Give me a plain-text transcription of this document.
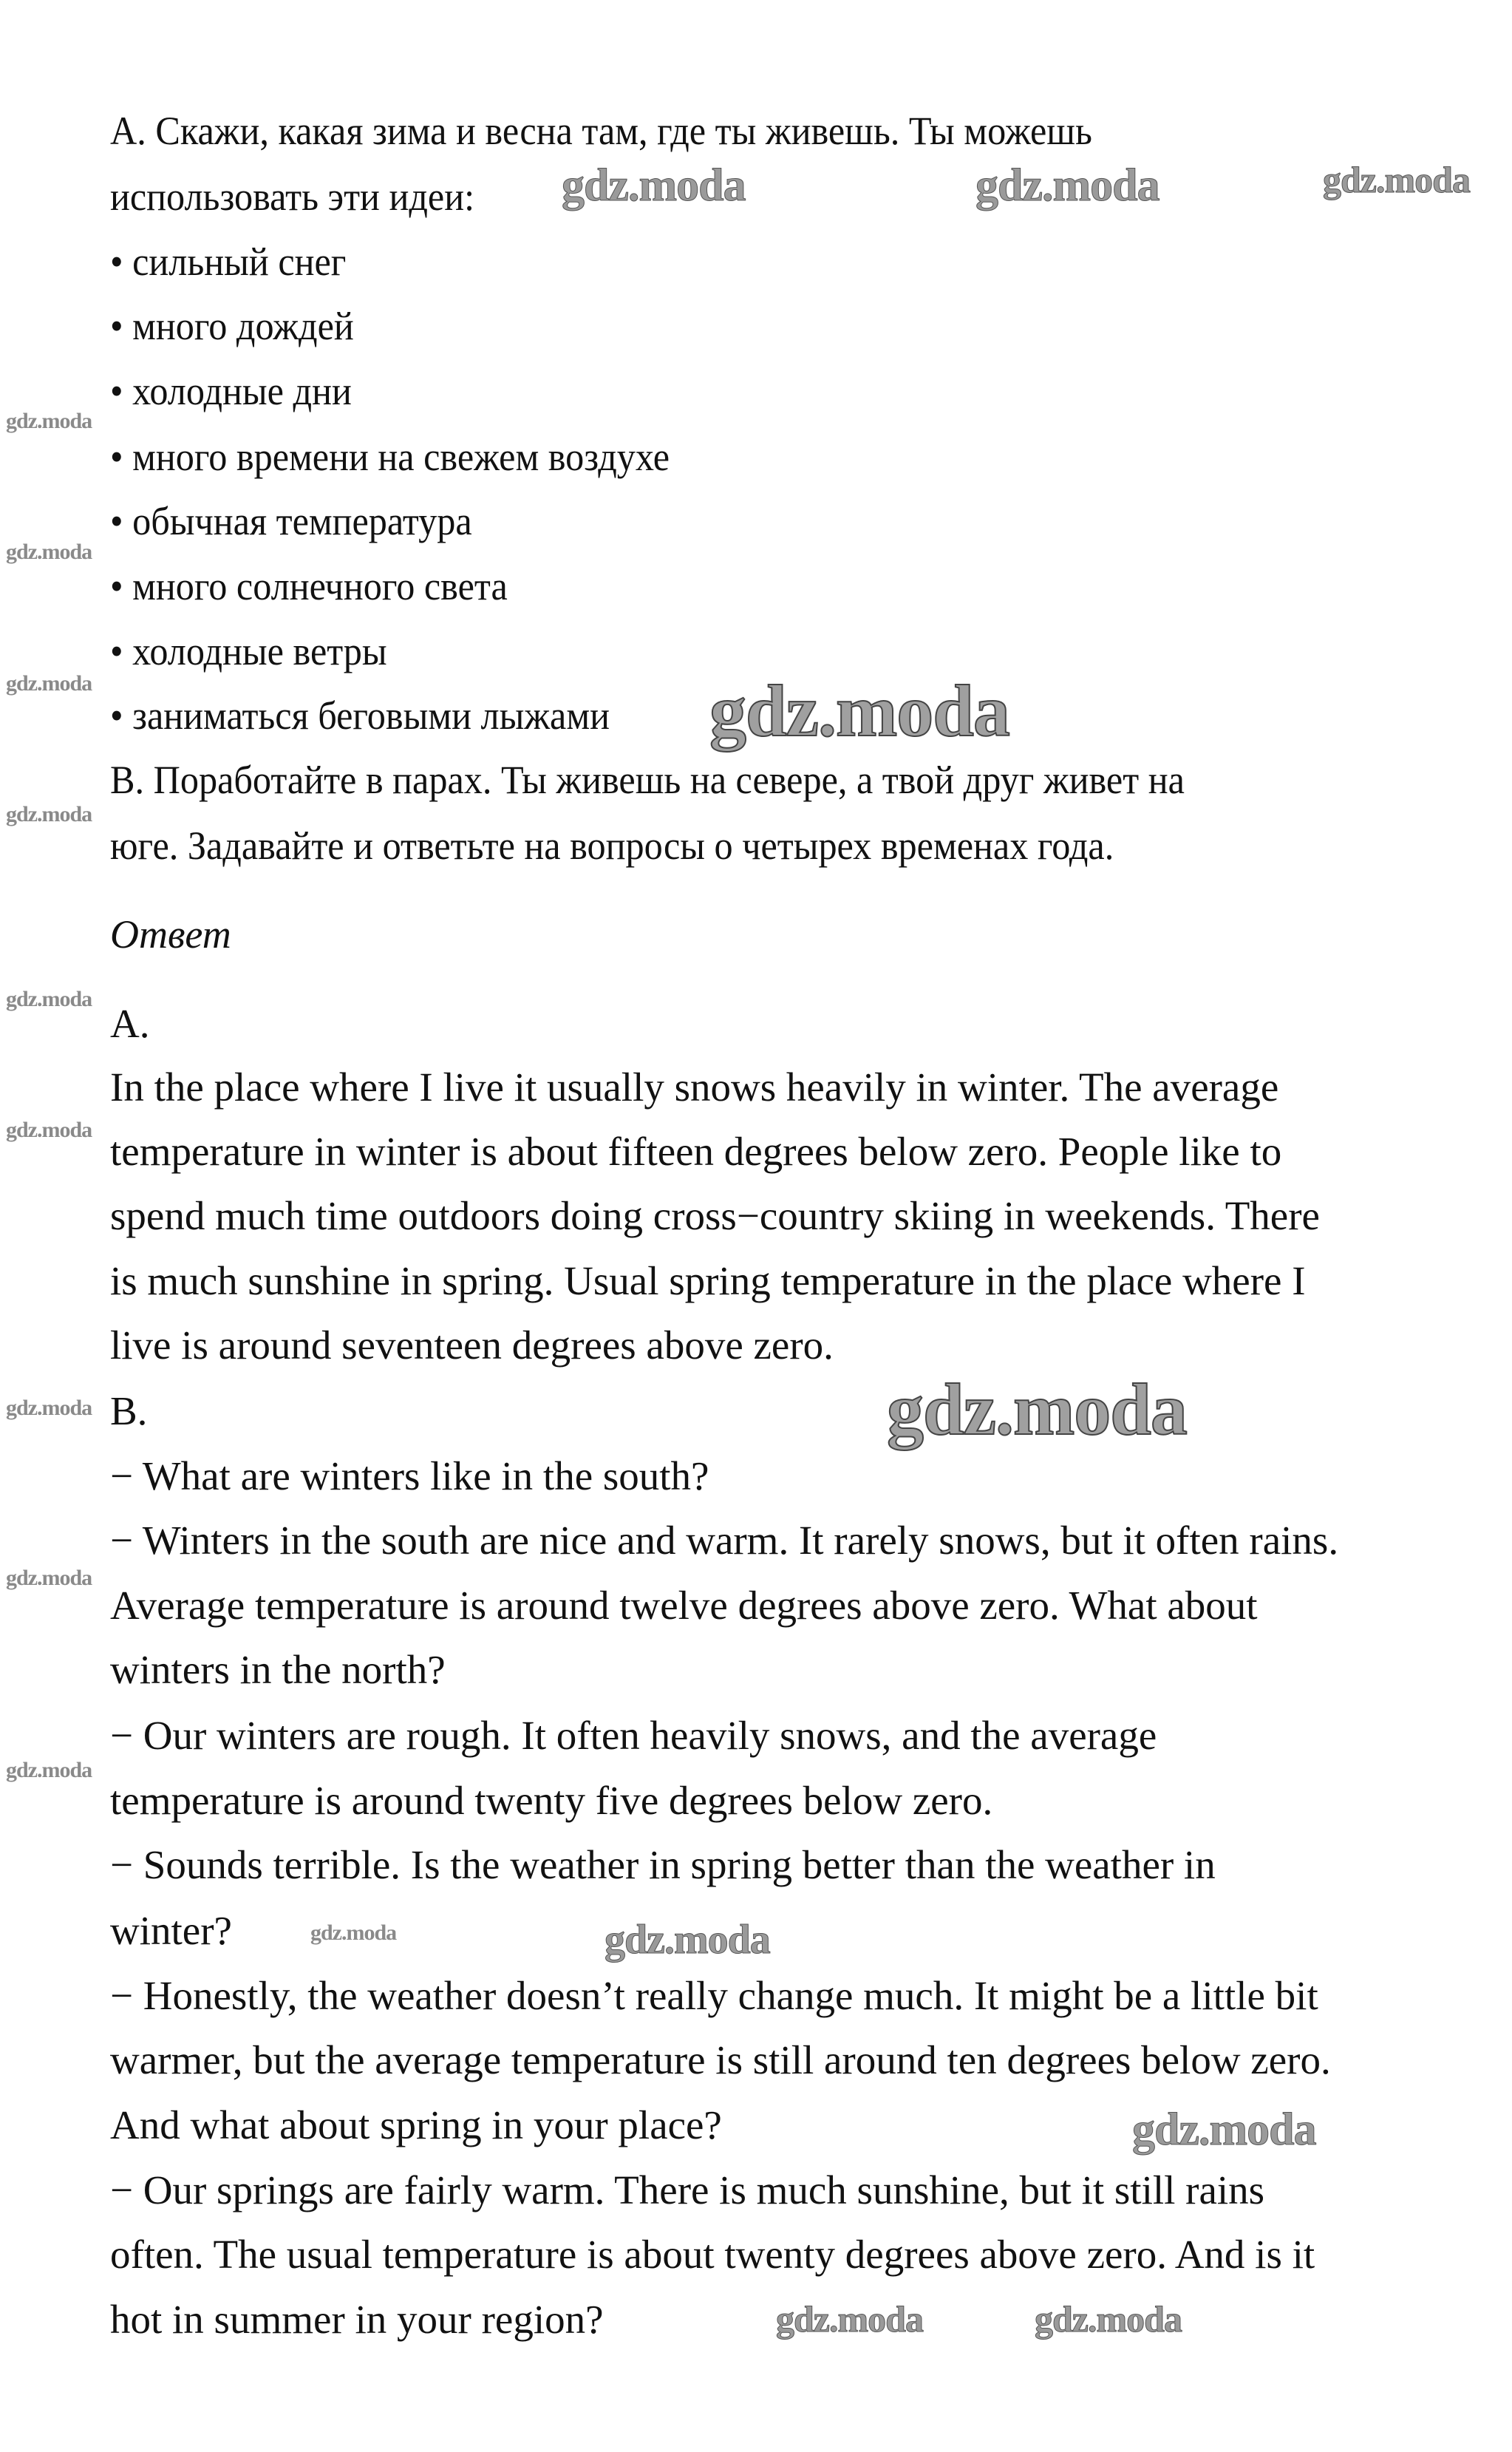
А. Скажи, какая зима и весна там, где ты живешь. Ты можешь
использовать эти идеи:
• сильный снег
• много дождей
• холодные дни
• много времени на свежем воздухе
• обычная температура
• много солнечного света
• холодные ветры
• заниматься беговыми лыжами
B. Поработайте в парах. Ты живешь на севере, а твой друг живет на
юге. Задавайте и ответьте на вопросы о четырех временах года.
Ответ
A.
In the place where I live it usually snows heavily in winter. The average
temperature in winter is about fifteen degrees below zero. People like to
spend much time outdoors doing cross−country skiing in weekends. There
is much sunshine in spring. Usual spring temperature in the place where I
live is around seventeen degrees above zero.
B.
− What are winters like in the south?
− Winters in the south are nice and warm. It rarely snows, but it often rains.
Average temperature is around twelve degrees above zero. What about
winters in the north?
− Our winters are rough. It often heavily snows, and the average
temperature is around twenty five degrees below zero.
− Sounds terrible. Is the weather in spring better than the weather in
winter?
− Honestly, the weather doesn’t really change much. It might be a little bit
warmer, but the average temperature is still around ten degrees below zero.
And what about spring in your place?
− Our springs are fairly warm. There is much sunshine, but it still rains
often. The usual temperature is about twenty degrees above zero. And is it
hot in summer in your region?
gdz.moda
gdz.moda	gdz.moda
gdz.moda
gdz.moda
gdz.moda	gdz.moda
gdz.moda
gdz.moda
gdz.moda
gdz.moda	gdz.moda
gdz.moda
gdz.moda
gdz.moda	gdz.moda
gdz.moda
gdz.moda	gdz.moda
